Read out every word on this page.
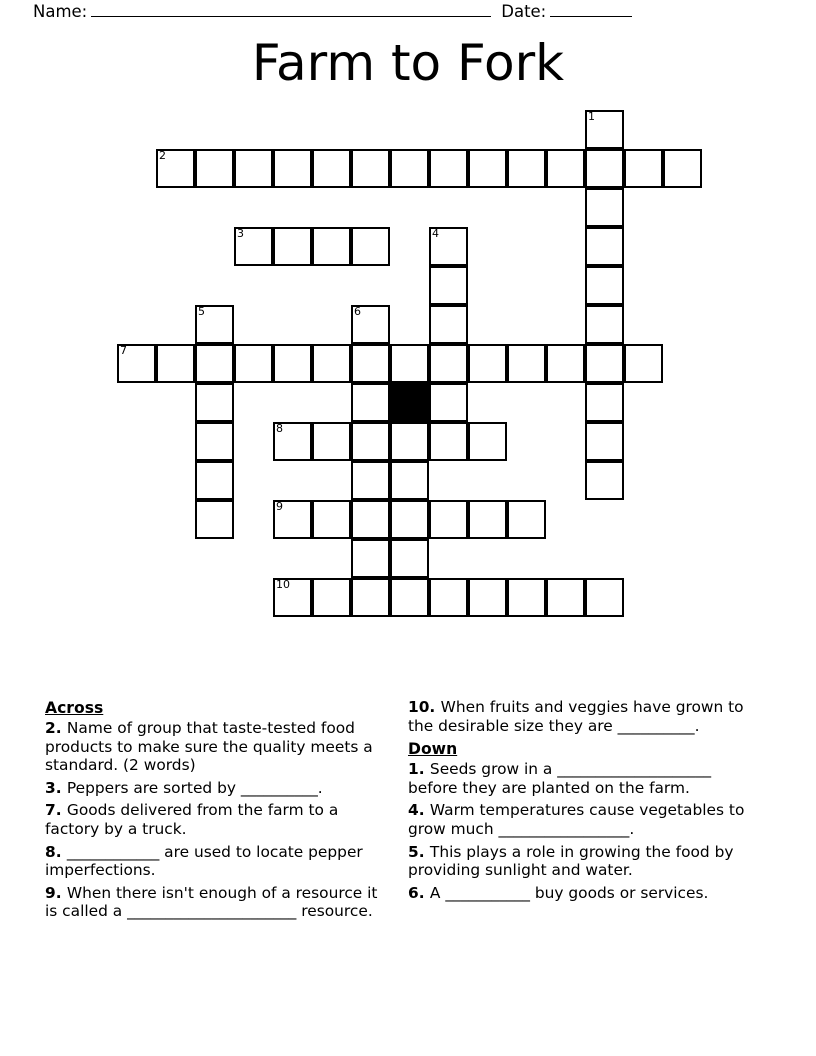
Name:	Date:
Farm to Fork
1
2
3	4
5	6
7
8
9
10
Across
2. Name of group that taste-tested food products to make sure the quality meets a standard. (2 words)
3. Peppers are sorted by __________.
7. Goods delivered from the farm to a factory by a truck.
8. ____________ are used to locate pepper imperfections.
9. When there isn't enough of a resource it is called a ______________________ resource.
10. When fruits and veggies have grown to the desirable size they are __________.
Down
1. Seeds grow in a ____________________ before they are planted on the farm.
4. Warm temperatures cause vegetables to grow much _________________.
5. This plays a role in growing the food by providing sunlight and water.
6. A ___________ buy goods or services.
